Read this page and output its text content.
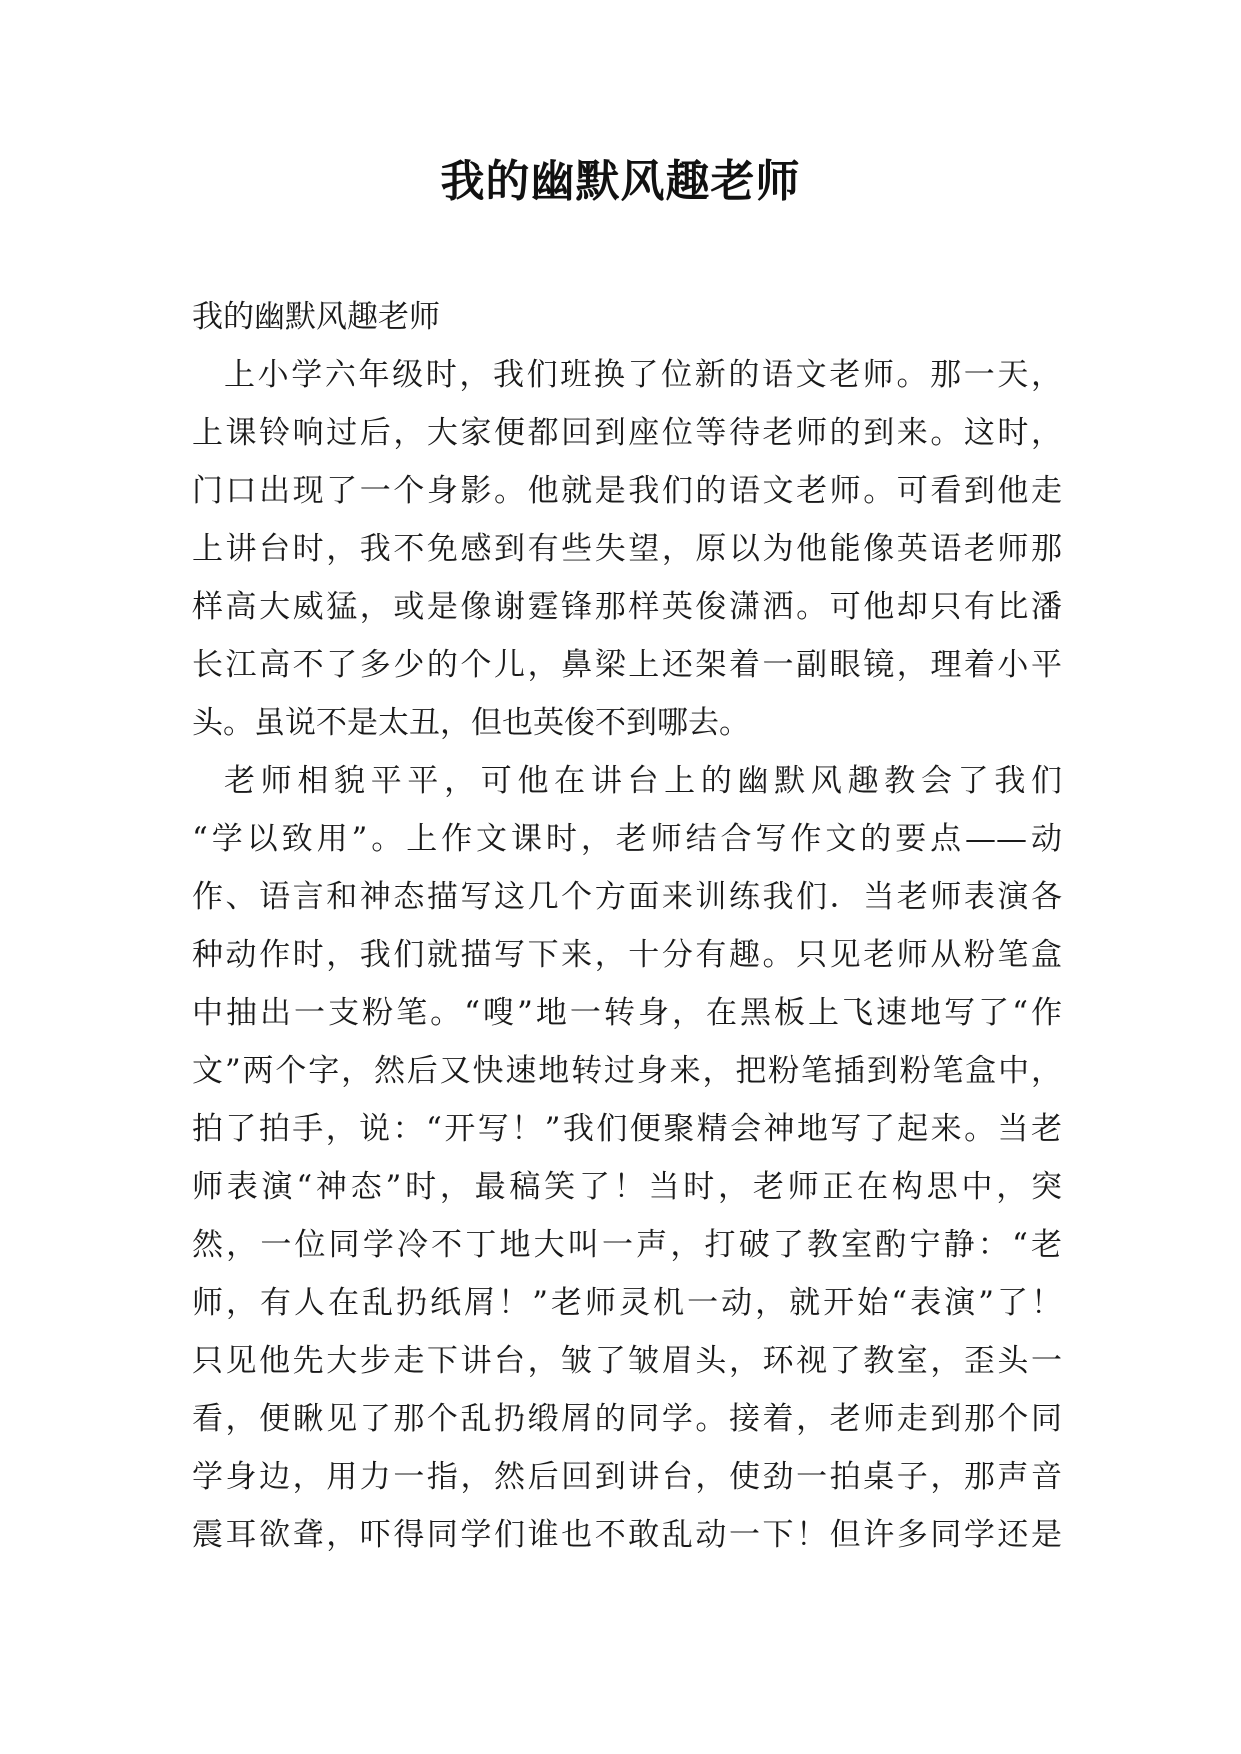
我的幽默风趣老师

我的幽默风趣老师

上小学六年级时，我们班换了位新的语文老师。那一天，
上课铃响过后，大家便都回到座位等待老师的到来。这时，
门口出现了一个身影。他就是我们的语文老师。可看到他走
上讲台时，我不免感到有些失望，原以为他能像英语老师那
样高大威猛，或是像谢霆锋那样英俊潇洒。可他却只有比潘
长江高不了多少的个儿，鼻梁上还架着一副眼镜，理着小平
头。虽说不是太丑，但也英俊不到哪去。
老师相貌平平，可他在讲台上的幽默风趣教会了我们
“学以致用”。上作文课时，老师结合写作文的要点——动
作、语言和神态描写这几个方面来训练我们．当老师表演各
种动作时，我们就描写下来，十分有趣。只见老师从粉笔盒
中抽出一支粉笔。“嗖”地一转身，在黑板上飞速地写了“作
文”两个字，然后又快速地转过身来，把粉笔插到粉笔盒中，
拍了拍手，说：“开写！”我们便聚精会神地写了起来。当老
师表演“神态”时，最稿笑了！当时，老师正在构思中，突
然，一位同学冷不丁地大叫一声，打破了教室酌宁静：“老
师，有人在乱扔纸屑！”老师灵机一动，就开始“表演”了！
只见他先大步走下讲台，皱了皱眉头，环视了教室，歪头一
看，便瞅见了那个乱扔缎屑的同学。接着，老师走到那个同
学身边，用力一指，然后回到讲台，使劲一拍桌子，那声音
震耳欲聋，吓得同学们谁也不敢乱动一下！但许多同学还是
